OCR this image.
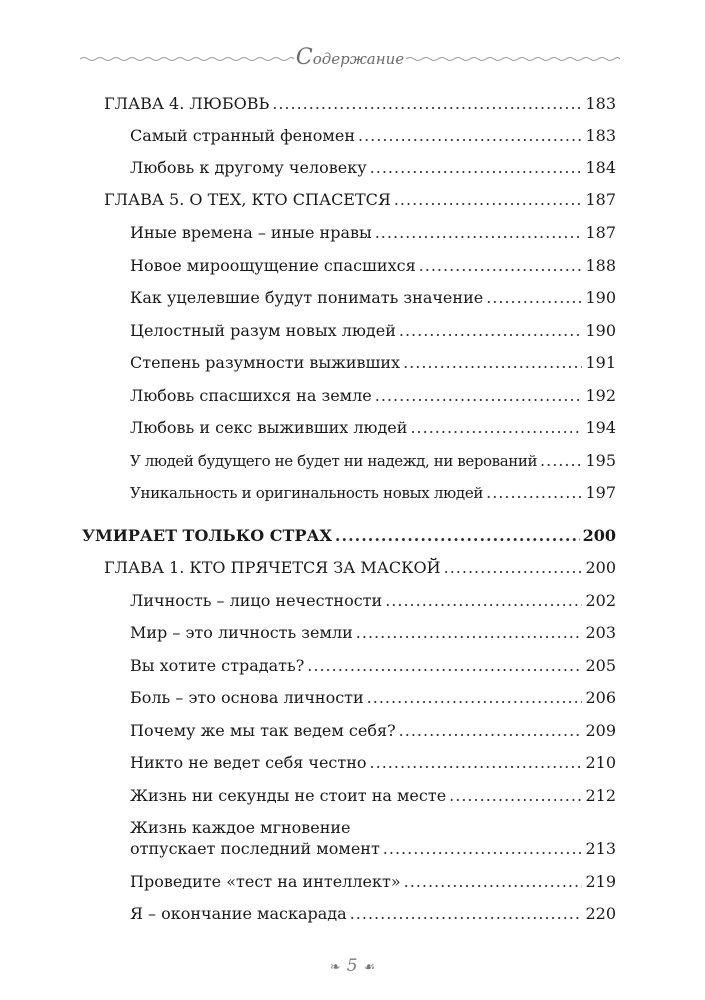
Содержание
ГЛАВА 4. ЛЮБОВЬ .....	183
Самый странный феномен .....	183
Любовь к другому человеку .....	184
ГЛАВА 5. О ТЕХ, КТО СПАСЕТСЯ .....	187
Иные времена – иные нравы .....	187
Новое мироощущение спасшихся .....	188
Как уцелевшие будут понимать значение .....	190
Целостный разум новых людей .....	190
Степень разумности выживших .....	191
Любовь спасшихся на земле .....	192
Любовь и секс выживших людей .....	194
У людей будущего не будет ни надежд, ни верований .....	195
Уникальность и оригинальность новых людей .....	197
УМИРАЕТ ТОЛЬКО СТРАХ .....	200
ГЛАВА 1. КТО ПРЯЧЕТСЯ ЗА МАСКОЙ .....	200
Личность – лицо нечестности .....	202
Мир – это личность земли .....	203
Вы хотите страдать? .....	205
Боль – это основа личности .....	206
Почему же мы так ведем себя? .....	209
Никто не ведет себя честно .....	210
Жизнь ни секунды не стоит на месте .....	212
Жизнь каждое мгновение
отпускает последний момент .....	213
Проведите «тест на интеллект» .....	219
Я – окончание маскарада .....	220
❧ 5 ☙
